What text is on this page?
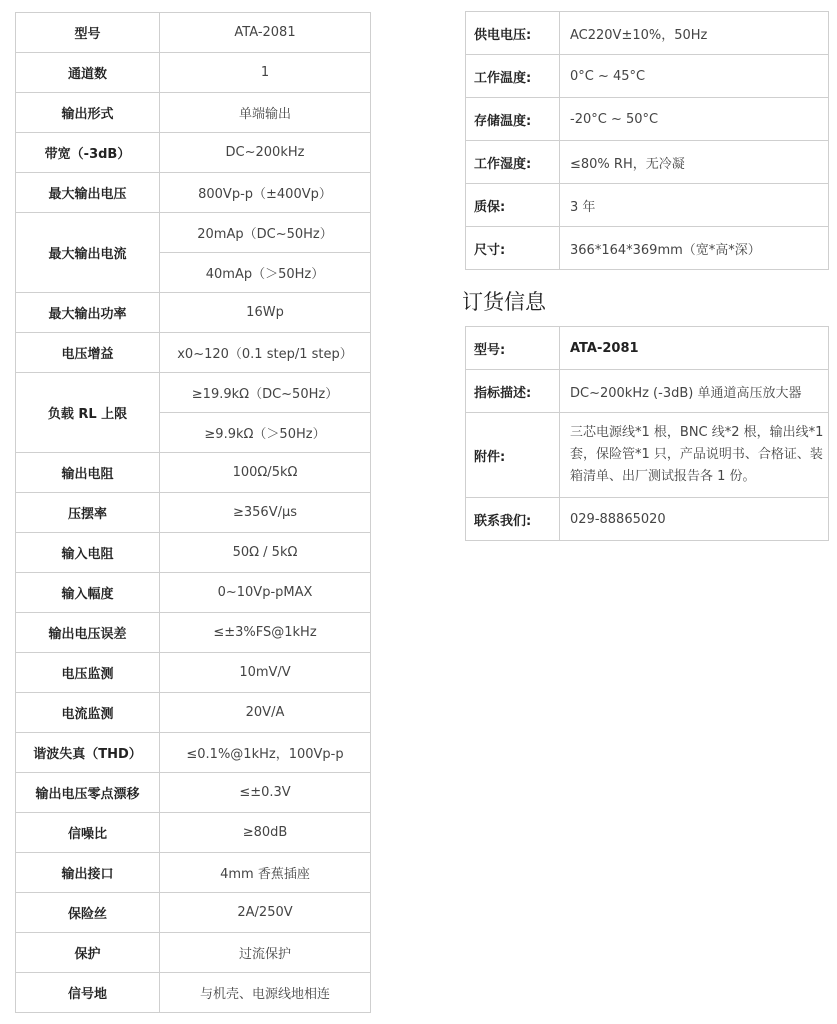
型号	ATA-2081
通道数	1
输出形式	单端输出
带宽（-3dB）	DC~200kHz
最大输出电压	800Vp-p（±400Vp）
最大输出电流	20mAp（DC~50Hz）
	40mAp（＞50Hz）
最大输出功率	16Wp
电压增益	x0~120（0.1 step/1 step）
负载 RL 上限	≥19.9kΩ（DC~50Hz）
	≥9.9kΩ（＞50Hz）
输出电阻	100Ω/5kΩ
压摆率	≥356V/μs
输入电阻	50Ω / 5kΩ
输入幅度	0~10Vp-pMAX
输出电压误差	≤±3%FS@1kHz
电压监测	10mV/V
电流监测	20V/A
谐波失真（THD）	≤0.1%@1kHz，100Vp-p
输出电压零点漂移	≤±0.3V
信噪比	≥80dB
输出接口	4mm 香蕉插座
保险丝	2A/250V
保护	过流保护
信号地	与机壳、电源线地相连
供电电压:	AC220V±10%，50Hz
工作温度:	0°C ~ 45°C
存储温度:	-20°C ~ 50°C
工作湿度:	≤80% RH，无冷凝
质保:	3 年
尺寸:	366*164*369mm（宽*高*深）
订货信息
型号:	ATA-2081
指标描述:	DC~200kHz (-3dB) 单通道高压放大器
附件:	三芯电源线*1 根，BNC 线*2 根，输出线*1 套，保险管*1 只，产品说明书、合格证、装箱清单、出厂测试报告各 1 份。
联系我们:	029-88865020
